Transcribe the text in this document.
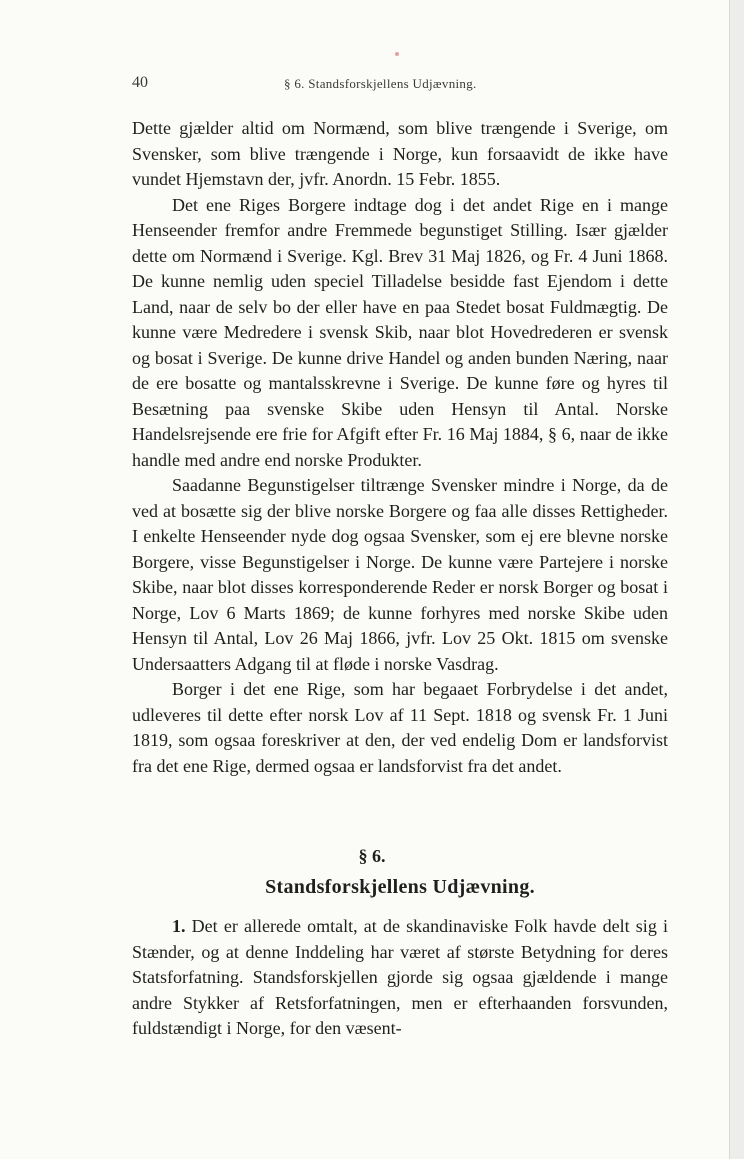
40	§ 6. Standsforskjellens Udjævning.

Dette gjælder altid om Normænd, som blive trængende i Sverige, om Svensker, som blive trængende i Norge, kun forsaavidt de ikke have vundet Hjemstavn der, jvfr. Anordn. 15 Febr. 1855.

Det ene Riges Borgere indtage dog i det andet Rige en i mange Henseender fremfor andre Fremmede begunstiget Stilling. Især gjælder dette om Normænd i Sverige. Kgl. Brev 31 Maj 1826, og Fr. 4 Juni 1868. De kunne nemlig uden speciel Tilladelse besidde fast Ejendom i dette Land, naar de selv bo der eller have en paa Stedet bosat Fuldmægtig. De kunne være Medredere i svensk Skib, naar blot Hovedrederen er svensk og bosat i Sverige. De kunne drive Handel og anden bunden Næring, naar de ere bosatte og mantalsskrevne i Sverige. De kunne føre og hyres til Besætning paa svenske Skibe uden Hensyn til Antal. Norske Handelsrejsende ere frie for Afgift efter Fr. 16 Maj 1884, § 6, naar de ikke handle med andre end norske Produkter.

Saadanne Begunstigelser tiltrænge Svensker mindre i Norge, da de ved at bosætte sig der blive norske Borgere og faa alle disses Rettigheder. I enkelte Henseender nyde dog ogsaa Svensker, som ej ere blevne norske Borgere, visse Begunstigelser i Norge. De kunne være Partejere i norske Skibe, naar blot disses korresponderende Reder er norsk Borger og bosat i Norge, Lov 6 Marts 1869; de kunne forhyres med norske Skibe uden Hensyn til Antal, Lov 26 Maj 1866, jvfr. Lov 25 Okt. 1815 om svenske Undersaatters Adgang til at fløde i norske Vasdrag.

Borger i det ene Rige, som har begaaet Forbrydelse i det andet, udleveres til dette efter norsk Lov af 11 Sept. 1818 og svensk Fr. 1 Juni 1819, som ogsaa foreskriver at den, der ved endelig Dom er landsforvist fra det ene Rige, dermed ogsaa er landsforvist fra det andet.

§ 6.
Standsforskjellens Udjævning.

1. Det er allerede omtalt, at de skandinaviske Folk havde delt sig i Stænder, og at denne Inddeling har været af største Betydning for deres Statsforfatning. Standsforskjellen gjorde sig ogsaa gjældende i mange andre Stykker af Retsforfatningen, men er efterhaanden forsvunden, fuldstændigt i Norge, for den væsent-
